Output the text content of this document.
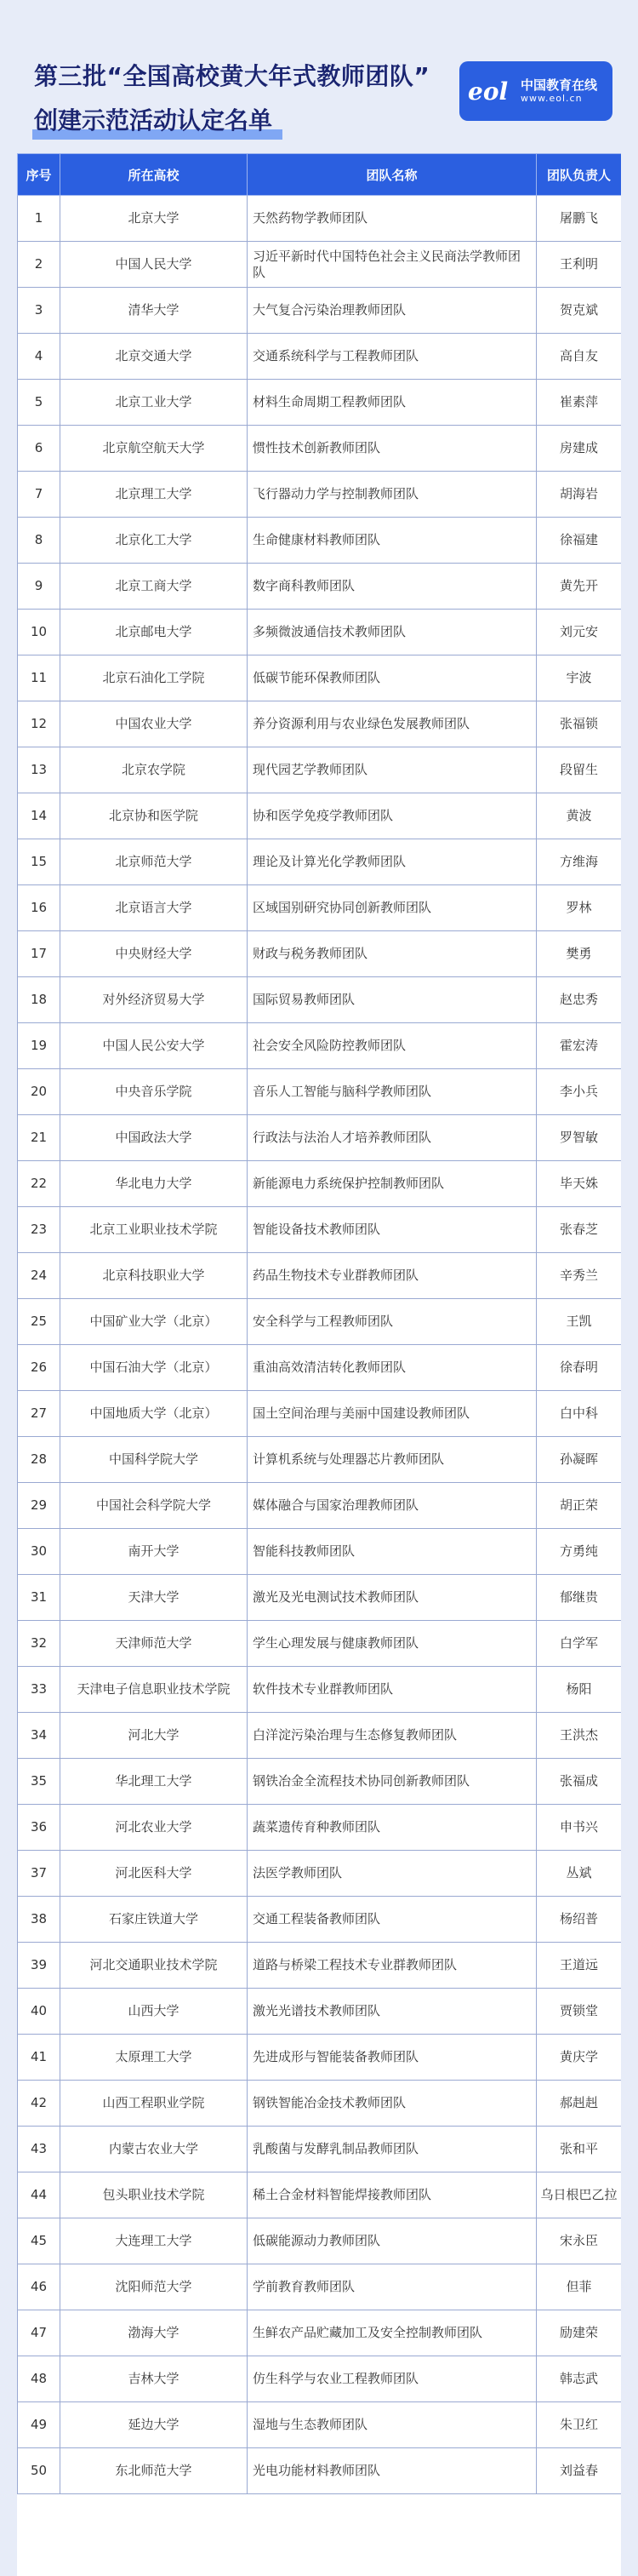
第三批“全国高校黄大年式教师团队”
创建示范活动认定名单
eol 中国教育在线
www.eol.cn
序号	所在高校	团队名称	团队负责人
1	北京大学	天然药物学教师团队	屠鹏飞
2	中国人民大学	习近平新时代中国特色社会主义民商法学教师团队	王利明
3	清华大学	大气复合污染治理教师团队	贺克斌
4	北京交通大学	交通系统科学与工程教师团队	高自友
5	北京工业大学	材料生命周期工程教师团队	崔素萍
6	北京航空航天大学	惯性技术创新教师团队	房建成
7	北京理工大学	飞行器动力学与控制教师团队	胡海岩
8	北京化工大学	生命健康材料教师团队	徐福建
9	北京工商大学	数字商科教师团队	黄先开
10	北京邮电大学	多频微波通信技术教师团队	刘元安
11	北京石油化工学院	低碳节能环保教师团队	宇波
12	中国农业大学	养分资源利用与农业绿色发展教师团队	张福锁
13	北京农学院	现代园艺学教师团队	段留生
14	北京协和医学院	协和医学免疫学教师团队	黄波
15	北京师范大学	理论及计算光化学教师团队	方维海
16	北京语言大学	区域国别研究协同创新教师团队	罗林
17	中央财经大学	财政与税务教师团队	樊勇
18	对外经济贸易大学	国际贸易教师团队	赵忠秀
19	中国人民公安大学	社会安全风险防控教师团队	霍宏涛
20	中央音乐学院	音乐人工智能与脑科学教师团队	李小兵
21	中国政法大学	行政法与法治人才培养教师团队	罗智敏
22	华北电力大学	新能源电力系统保护控制教师团队	毕天姝
23	北京工业职业技术学院	智能设备技术教师团队	张春芝
24	北京科技职业大学	药品生物技术专业群教师团队	辛秀兰
25	中国矿业大学（北京）	安全科学与工程教师团队	王凯
26	中国石油大学（北京）	重油高效清洁转化教师团队	徐春明
27	中国地质大学（北京）	国土空间治理与美丽中国建设教师团队	白中科
28	中国科学院大学	计算机系统与处理器芯片教师团队	孙凝晖
29	中国社会科学院大学	媒体融合与国家治理教师团队	胡正荣
30	南开大学	智能科技教师团队	方勇纯
31	天津大学	激光及光电测试技术教师团队	郁继贵
32	天津师范大学	学生心理发展与健康教师团队	白学军
33	天津电子信息职业技术学院	软件技术专业群教师团队	杨阳
34	河北大学	白洋淀污染治理与生态修复教师团队	王洪杰
35	华北理工大学	钢铁冶金全流程技术协同创新教师团队	张福成
36	河北农业大学	蔬菜遗传育种教师团队	申书兴
37	河北医科大学	法医学教师团队	丛斌
38	石家庄铁道大学	交通工程装备教师团队	杨绍普
39	河北交通职业技术学院	道路与桥梁工程技术专业群教师团队	王道远
40	山西大学	激光光谱技术教师团队	贾锁堂
41	太原理工大学	先进成形与智能装备教师团队	黄庆学
42	山西工程职业学院	钢铁智能冶金技术教师团队	郝赳赳
43	内蒙古农业大学	乳酸菌与发酵乳制品教师团队	张和平
44	包头职业技术学院	稀土合金材料智能焊接教师团队	乌日根巴乙拉
45	大连理工大学	低碳能源动力教师团队	宋永臣
46	沈阳师范大学	学前教育教师团队	但菲
47	渤海大学	生鲜农产品贮藏加工及安全控制教师团队	励建荣
48	吉林大学	仿生科学与农业工程教师团队	韩志武
49	延边大学	湿地与生态教师团队	朱卫红
50	东北师范大学	光电功能材料教师团队	刘益春
